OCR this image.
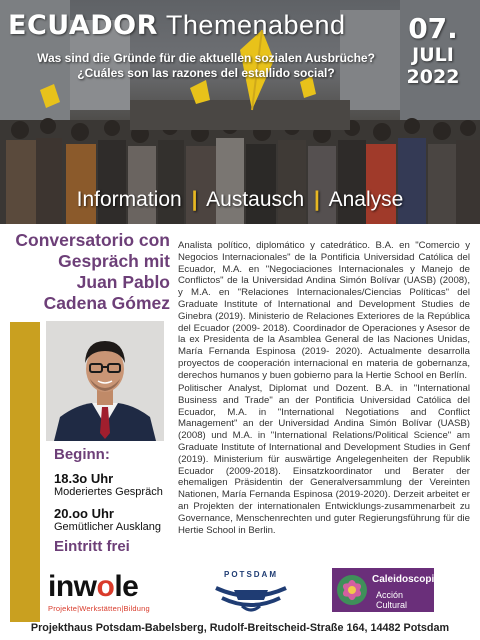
ECUADOR Themenabend
Was sind die Gründe für die aktuellen sozialen Ausbrüche?
¿Cuáles son las razones del estallido social?
07.
JULI
2022
Information | Austausch | Analyse
Conversatorio con
Gespräch mit
Juan Pablo
Cadena Gómez
Beginn:
18.3o Uhr
Moderiertes Gespräch
20.oo Uhr
Gemütlicher Ausklang
Eintritt frei

Analista político, diplomático y catedrático. B.A. en "Comercio y Negocios Internacionales" de la Pontificia Universidad Católica del Ecuador, M.A. en "Negociaciones Internacionales y Manejo de Conflictos" de la Universidad Andina Simón Bolívar (UASB) (2008), y M.A. en "Relaciones Internacionales/Ciencias Políticas" del Graduate Institute of International and Development Studies de Ginebra (2019). Ministerio de Relaciones Exteriores de la República del Ecuador (2009- 2018). Coordinador de Operaciones y Asesor de la ex Presidenta de la Asamblea General de las Naciones Unidas, María Fernanda Espinosa (2019- 2020). Actualmente desarrolla proyectos de cooperación internacional en materia de gobernanza, derechos humanos y buen gobierno para la Hertie School en Berlín.

Politischer Analyst, Diplomat und Dozent. B.A. in "International Business and Trade" an der Pontificia Universidad Católica del Ecuador, M.A. in "International Negotiations and Conflict Management" an der Universidad Andina Simón Bolívar (UASB) (2008) und M.A. in "International Relations/Political Science" am Graduate Institute of International and Development Studies in Genf (2019). Ministerium für auswärtige Angelegenheiten der Republik Ecuador (2009-2018). Einsatzkoordinator und Berater der ehemaligen Präsidentin der Generalversammlung der Vereinten Nationen, María Fernanda Espinosa (2019-2020). Derzeit arbeitet er an Projekten der internationalen Entwicklungs-zusammenarbeit zu Governance, Menschenrechten und guter Regierungsführung für die Hertie School in Berlin.

inwole
Projekte|Werkstätten|Bildung
POTSDAM	Caleidoscopio
Acción Cultural
Projekthaus Potsdam-Babelsberg, Rudolf-Breitscheid-Straße 164, 14482 Potsdam
